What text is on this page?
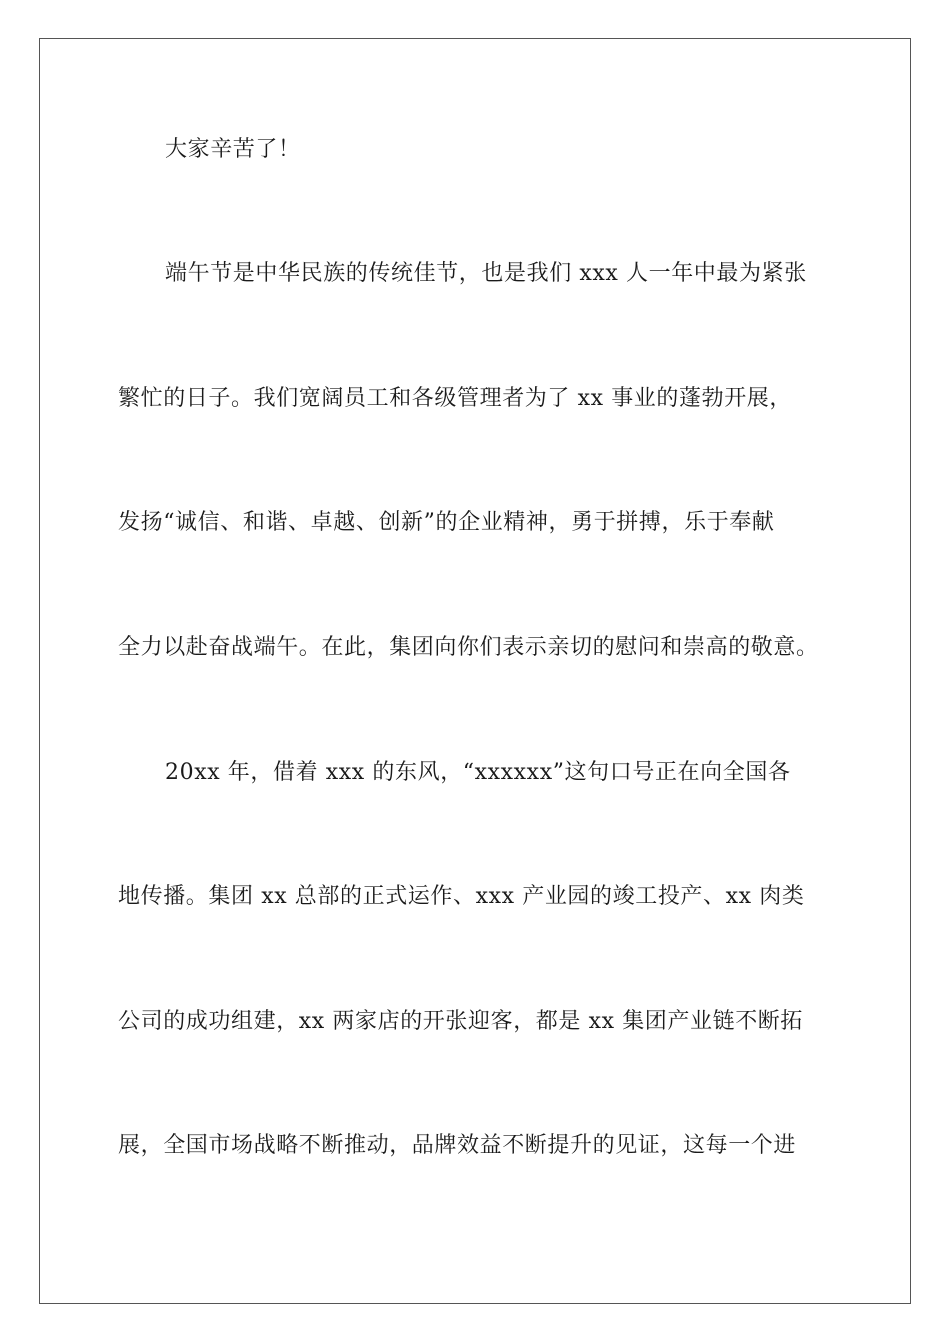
大家辛苦了！
端午节是中华民族的传统佳节，也是我们 xxx 人一年中最为紧张
繁忙的日子。我们宽阔员工和各级管理者为了 xx 事业的蓬勃开展，
发扬“诚信、和谐、卓越、创新”的企业精神，勇于拼搏，乐于奉献
全力以赴奋战端午。在此，集团向你们表示亲切的慰问和崇高的敬意。
20xx 年，借着 xxx 的东风，“xxxxxx”这句口号正在向全国各
地传播。集团 xx 总部的正式运作、xxx 产业园的竣工投产、xx 肉类
公司的成功组建，xx 两家店的开张迎客，都是 xx 集团产业链不断拓
展，全国市场战略不断推动，品牌效益不断提升的见证，这每一个进
